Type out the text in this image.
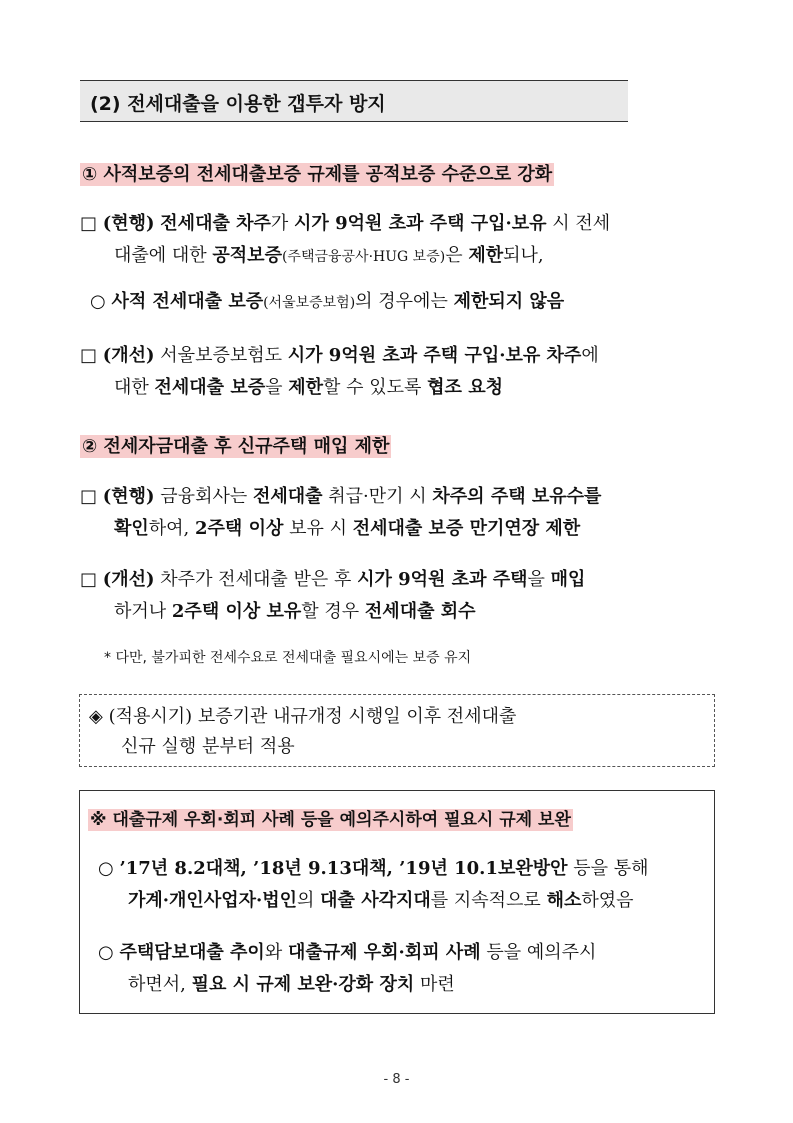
(2) 전세대출을 이용한 갭투자 방지
① 사적보증의 전세대출보증 규제를 공적보증 수준으로 강화
□ (현행) 전세대출 차주가 시가 9억원 초과 주택 구입·보유 시 전세
대출에 대한 공적보증(주택금융공사·HUG 보증)은 제한되나,
○ 사적 전세대출 보증(서울보증보험)의 경우에는 제한되지 않음
□ (개선) 서울보증보험도 시가 9억원 초과 주택 구입·보유 차주에
대한 전세대출 보증을 제한할 수 있도록 협조 요청
② 전세자금대출 후 신규주택 매입 제한
□ (현행) 금융회사는 전세대출 취급·만기 시 차주의 주택 보유수를
확인하여, 2주택 이상 보유 시 전세대출 보증 만기연장 제한
□ (개선) 차주가 전세대출 받은 후 시가 9억원 초과 주택을 매입
하거나 2주택 이상 보유할 경우 전세대출 회수
* 다만, 불가피한 전세수요로 전세대출 필요시에는 보증 유지
◈ (적용시기) 보증기관 내규개정 시행일 이후 전세대출
신규 실행 분부터 적용
※ 대출규제 우회·회피 사례 등을 예의주시하여 필요시 규제 보완
○ ’17년 8.2대책, ’18년 9.13대책, ’19년 10.1보완방안 등을 통해
가계·개인사업자·법인의 대출 사각지대를 지속적으로 해소하였음
○ 주택담보대출 추이와 대출규제 우회·회피 사례 등을 예의주시
하면서, 필요 시 규제 보완·강화 장치 마련
- 8 -
